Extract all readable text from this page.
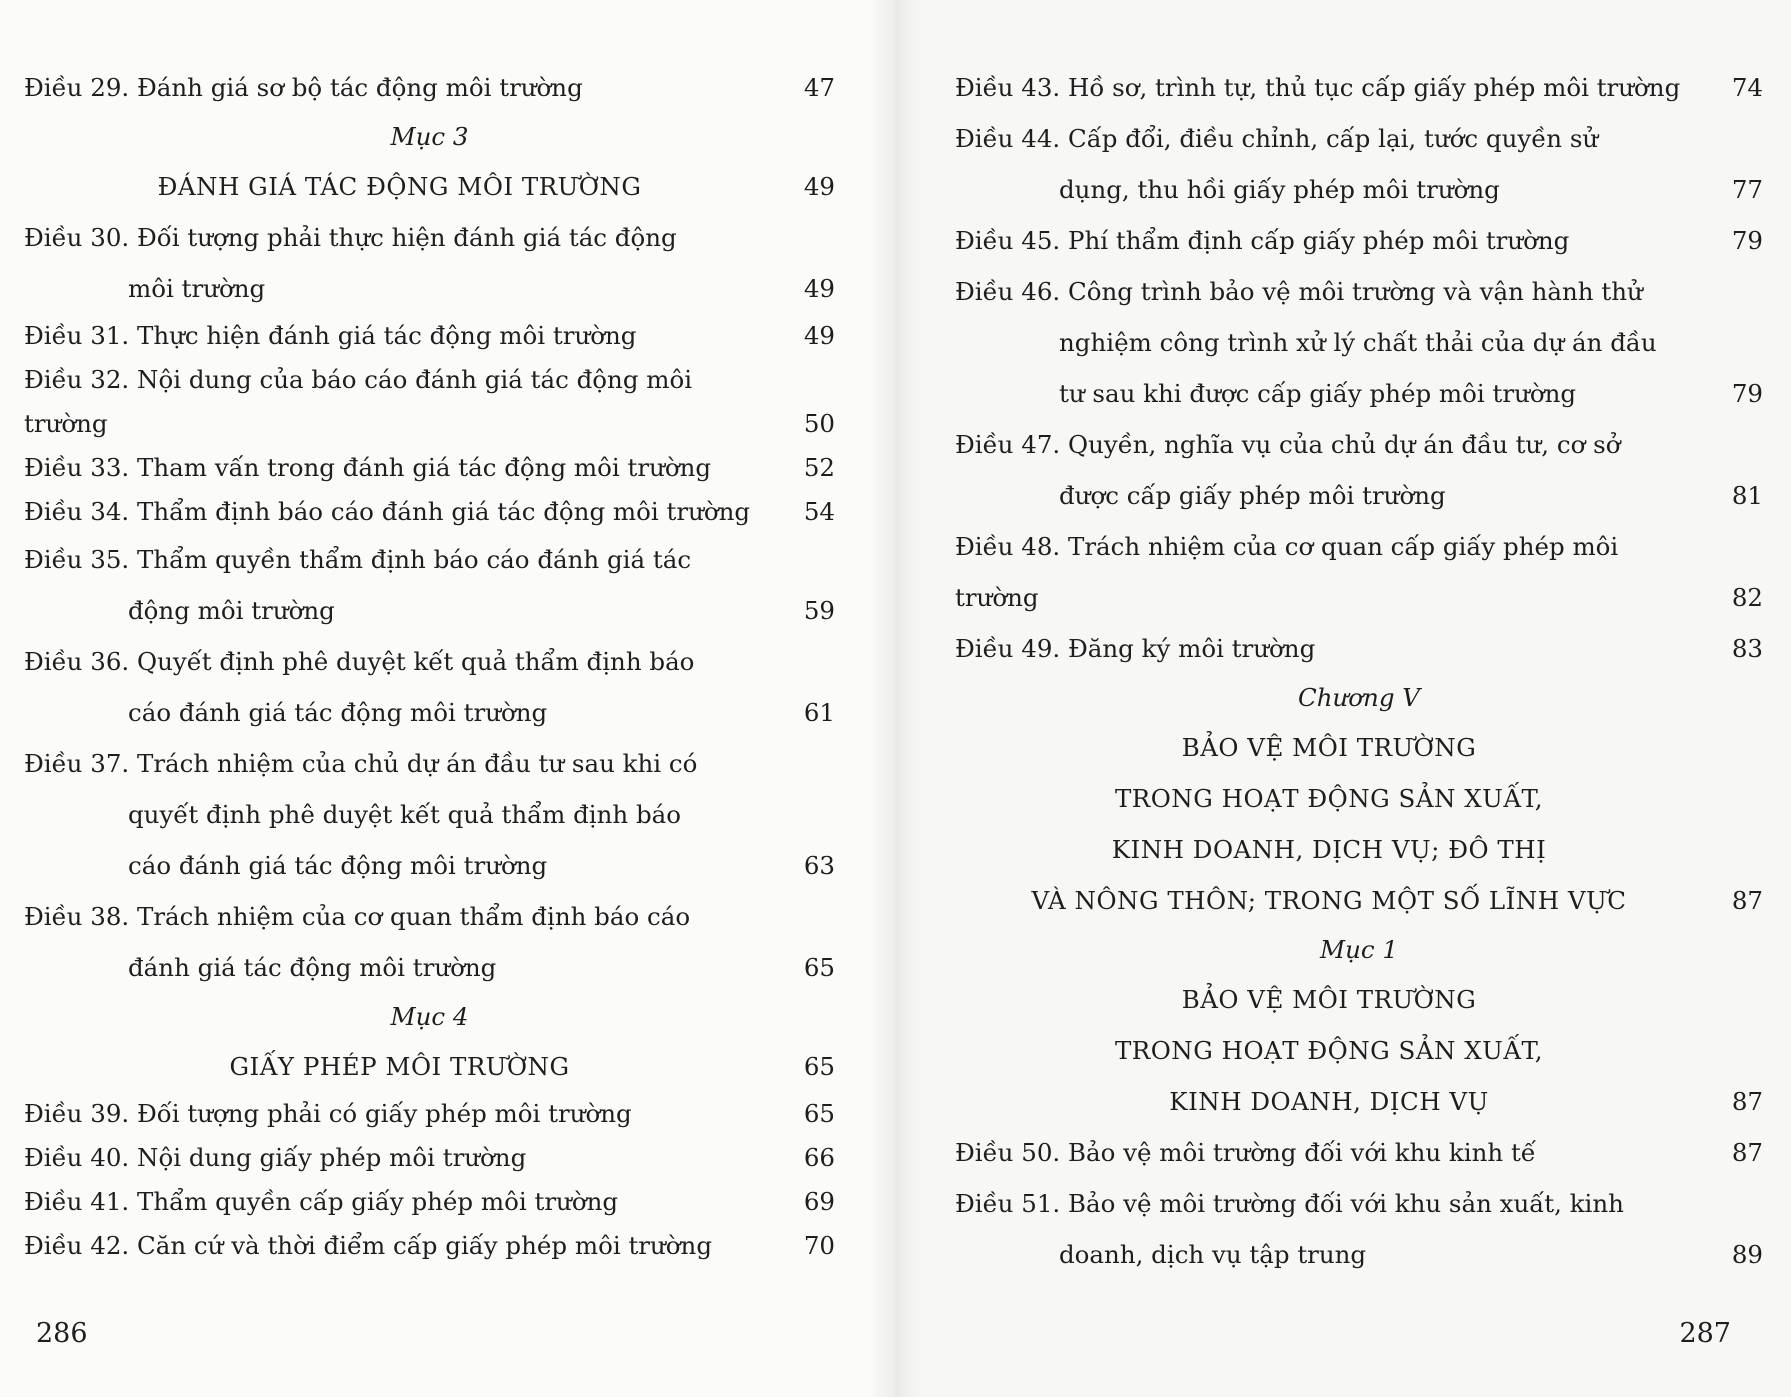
Điều 29. Đánh giá sơ bộ tác động môi trường	47
Mục 3
ĐÁNH GIÁ TÁC ĐỘNG MÔI TRƯỜNG	49
Điều 30. Đối tượng phải thực hiện đánh giá tác động
môi trường	49
Điều 31. Thực hiện đánh giá tác động môi trường	49
Điều 32. Nội dung của báo cáo đánh giá tác động môi trường	50
Điều 33. Tham vấn trong đánh giá tác động môi trường	52
Điều 34. Thẩm định báo cáo đánh giá tác động môi trường	54
Điều 35. Thẩm quyền thẩm định báo cáo đánh giá tác
động môi trường	59
Điều 36. Quyết định phê duyệt kết quả thẩm định báo
cáo đánh giá tác động môi trường	61
Điều 37. Trách nhiệm của chủ dự án đầu tư sau khi có
quyết định phê duyệt kết quả thẩm định báo
cáo đánh giá tác động môi trường	63
Điều 38. Trách nhiệm của cơ quan thẩm định báo cáo
đánh giá tác động môi trường	65
Mục 4
GIẤY PHÉP MÔI TRƯỜNG	65
Điều 39. Đối tượng phải có giấy phép môi trường	65
Điều 40. Nội dung giấy phép môi trường	66
Điều 41. Thẩm quyền cấp giấy phép môi trường	69
Điều 42. Căn cứ và thời điểm cấp giấy phép môi trường	70
286
Điều 43. Hồ sơ, trình tự, thủ tục cấp giấy phép môi trường	74
Điều 44. Cấp đổi, điều chỉnh, cấp lại, tước quyền sử
dụng, thu hồi giấy phép môi trường	77
Điều 45. Phí thẩm định cấp giấy phép môi trường	79
Điều 46. Công trình bảo vệ môi trường và vận hành thử
nghiệm công trình xử lý chất thải của dự án đầu
tư sau khi được cấp giấy phép môi trường	79
Điều 47. Quyền, nghĩa vụ của chủ dự án đầu tư, cơ sở
được cấp giấy phép môi trường	81
Điều 48. Trách nhiệm của cơ quan cấp giấy phép môi trường	82
Điều 49. Đăng ký môi trường	83
Chương V
BẢO VỆ MÔI TRƯỜNG
TRONG HOẠT ĐỘNG SẢN XUẤT,
KINH DOANH, DỊCH VỤ; ĐÔ THỊ
VÀ NÔNG THÔN; TRONG MỘT SỐ LĨNH VỰC	87
Mục 1
BẢO VỆ MÔI TRƯỜNG
TRONG HOẠT ĐỘNG SẢN XUẤT,
KINH DOANH, DỊCH VỤ	87
Điều 50. Bảo vệ môi trường đối với khu kinh tế	87
Điều 51. Bảo vệ môi trường đối với khu sản xuất, kinh
doanh, dịch vụ tập trung	89
287
